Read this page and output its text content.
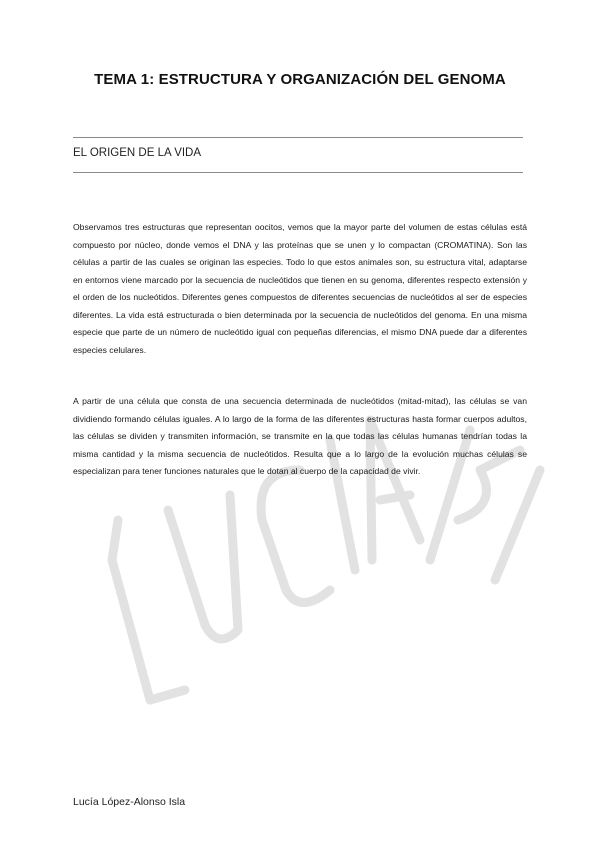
TEMA 1: ESTRUCTURA Y ORGANIZACIÓN DEL GENOMA
EL ORIGEN DE LA VIDA
Observamos tres estructuras que representan oocitos, vemos que la mayor parte del volumen de estas células está compuesto por núcleo, donde vemos el DNA y las proteínas que se unen y lo compactan (CROMATINA). Son las células a partir de las cuales se originan las especies. Todo lo que estos animales son, su estructura vital, adaptarse en entornos viene marcado por la secuencia de nucleótidos que tienen en su genoma, diferentes respecto extensión y el orden de los nucleótidos. Diferentes genes compuestos de diferentes secuencias de nucleótidos al ser de especies diferentes. La vida está estructurada o bien determinada por la secuencia de nucleótidos del genoma. En una misma especie que parte de un número de nucleótido igual con pequeñas diferencias, el mismo DNA puede dar a diferentes especies celulares.
A partir de una célula que consta de una secuencia determinada de nucleótidos (mitad-mitad), las células se van dividiendo formando células iguales. A lo largo de la forma de las diferentes estructuras hasta formar cuerpos adultos, las células se dividen y transmiten información, se transmite en la que todas las células humanas tendrían todas la misma cantidad y la misma secuencia de nucleótidos. Resulta que a lo largo de la evolución muchas células se especializan para tener funciones naturales que le dotan al cuerpo de la capacidad de vivir.
Lucía López-Alonso Isla
